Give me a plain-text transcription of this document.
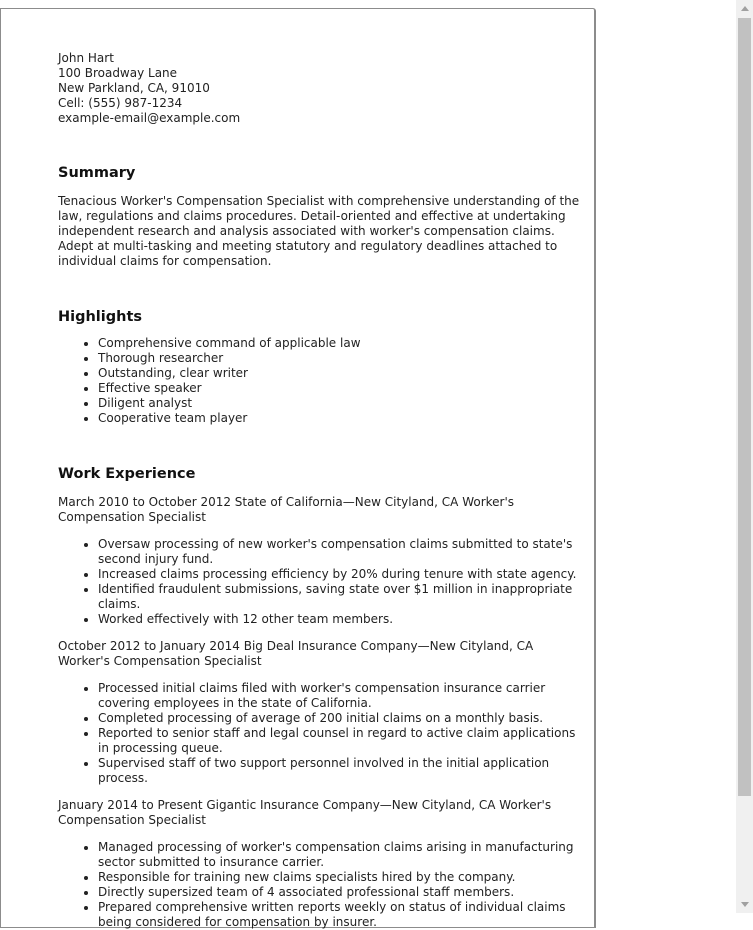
John Hart
100 Broadway Lane
New Parkland, CA, 91010
Cell: (555) 987-1234
example-email@example.com
Summary
Tenacious Worker's Compensation Specialist with comprehensive understanding of the law, regulations and claims procedures. Detail-oriented and effective at undertaking independent research and analysis associated with worker's compensation claims. Adept at multi-tasking and meeting statutory and regulatory deadlines attached to individual claims for compensation.
Highlights
• Comprehensive command of applicable law
• Thorough researcher
• Outstanding, clear writer
• Effective speaker
• Diligent analyst
• Cooperative team player
Work Experience
March 2010 to October 2012 State of California—New Cityland, CA Worker's Compensation Specialist
• Oversaw processing of new worker's compensation claims submitted to state's second injury fund.
• Increased claims processing efficiency by 20% during tenure with state agency.
• Identified fraudulent submissions, saving state over $1 million in inappropriate claims.
• Worked effectively with 12 other team members.
October 2012 to January 2014 Big Deal Insurance Company—New Cityland, CA Worker's Compensation Specialist
• Processed initial claims filed with worker's compensation insurance carrier covering employees in the state of California.
• Completed processing of average of 200 initial claims on a monthly basis.
• Reported to senior staff and legal counsel in regard to active claim applications in processing queue.
• Supervised staff of two support personnel involved in the initial application process.
January 2014 to Present Gigantic Insurance Company—New Cityland, CA Worker's Compensation Specialist
• Managed processing of worker's compensation claims arising in manufacturing sector submitted to insurance carrier.
• Responsible for training new claims specialists hired by the company.
• Directly supersized team of 4 associated professional staff members.
• Prepared comprehensive written reports weekly on status of individual claims being considered for compensation by insurer.
